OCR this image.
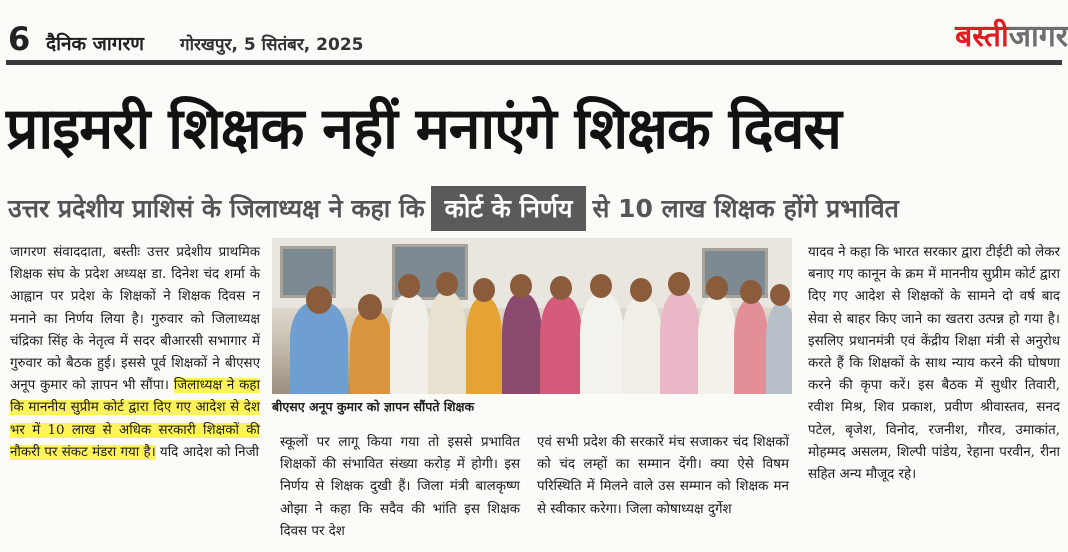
6 दैनिक जागरण गोरखपुर, 5 सितंबर, 2025	बस्तीजागर
प्राइमरी शिक्षक नहीं मनाएंगे शिक्षक दिवस
उत्तर प्रदेशीय प्राशिसं के जिलाध्यक्ष ने कहा कि कोर्ट के निर्णय से 10 लाख शिक्षक होंगे प्रभावित
जागरण संवाददाता, बस्तीः उत्तर प्रदेशीय प्राथमिक शिक्षक संघ के प्रदेश अध्यक्ष डा. दिनेश चंद शर्मा के आह्वान पर प्रदेश के शिक्षकों ने शिक्षक दिवस न मनाने का निर्णय लिया है। गुरुवार को जिलाध्यक्ष चंद्रिका सिंह के नेतृत्व में सदर बीआरसी सभागार में गुरुवार को बैठक हुई। इससे पूर्व शिक्षकों ने बीएसए अनूप कुमार को ज्ञापन भी सौंपा। जिलाध्यक्ष ने कहा कि माननीय सुप्रीम कोर्ट द्वारा दिए गए आदेश से देश भर में 10 लाख से अधिक सरकारी शिक्षकों की नौकरी पर संकट मंडरा गया है। यदि आदेश को निजी
बीएसए अनूप कुमार को ज्ञापन सौंपते शिक्षक
स्कूलों पर लागू किया गया तो इससे प्रभावित शिक्षकों की संभावित संख्या करोड़ में होगी। इस निर्णय से शिक्षक दुखी हैं। जिला मंत्री बालकृष्ण ओझा ने कहा कि सदैव की भांति इस शिक्षक दिवस पर देश
एवं सभी प्रदेश की सरकारें मंच सजाकर चंद शिक्षकों को चंद लम्हों का सम्मान देंगी। क्या ऐसे विषम परिस्थिति में मिलने वाले उस सम्मान को शिक्षक मन से स्वीकार करेगा। जिला कोषाध्यक्ष दुर्गेश
यादव ने कहा कि भारत सरकार द्वारा टीईटी को लेकर बनाए गए कानून के क्रम में माननीय सुप्रीम कोर्ट द्वारा दिए गए आदेश से शिक्षकों के सामने दो वर्ष बाद सेवा से बाहर किए जाने का खतरा उत्पन्न हो गया है। इसलिए प्रधानमंत्री एवं केंद्रीय शिक्षा मंत्री से अनुरोध करते हैं कि शिक्षकों के साथ न्याय करने की घोषणा करने की कृपा करें। इस बैठक में सुधीर तिवारी, रवीश मिश्र, शिव प्रकाश, प्रवीण श्रीवास्तव, सनद पटेल, बृजेश, विनोद, रजनीश, गौरव, उमाकांत, मोहम्मद असलम, शिल्पी पांडेय, रेहाना परवीन, रीना सहित अन्य मौजूद रहे।
